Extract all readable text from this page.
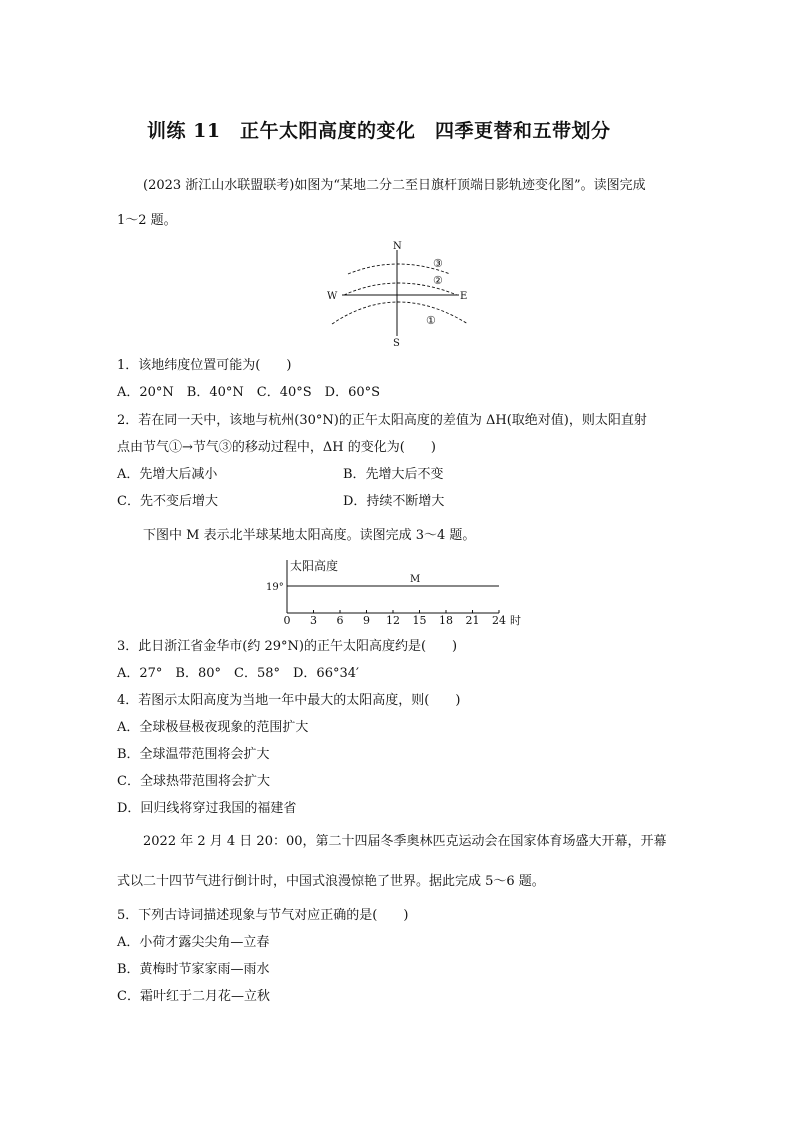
训练 11　正午太阳高度的变化　四季更替和五带划分
(2023 浙江山水联盟联考)如图为“某地二分二至日旗杆顶端日影轨迹变化图”。读图完成
1～2 题。
N
S
W	E
③
②
①
1．该地纬度位置可能为(　　)
A．20°N　B．40°N　C．40°S　D．60°S
2．若在同一天中，该地与杭州(30°N)的正午太阳高度的差值为 ΔH(取绝对值)，则太阳直射
点由节气①→节气③的移动过程中，ΔH 的变化为(　　)
A．先增大后减小	B．先增大后不变
C．先不变后增大	D．持续不断增大
下图中 M 表示北半球某地太阳高度。读图完成 3～4 题。
太阳高度
19°
M
0 3 6 9 12 15 18 21 24 时
3．此日浙江省金华市(约 29°N)的正午太阳高度约是(　　)
A．27°　B．80°　C．58°　D．66°34′
4．若图示太阳高度为当地一年中最大的太阳高度，则(　　)
A．全球极昼极夜现象的范围扩大
B．全球温带范围将会扩大
C．全球热带范围将会扩大
D．回归线将穿过我国的福建省
2022 年 2 月 4 日 20：00，第二十四届冬季奥林匹克运动会在国家体育场盛大开幕，开幕
式以二十四节气进行倒计时，中国式浪漫惊艳了世界。据此完成 5～6 题。
5．下列古诗词描述现象与节气对应正确的是(　　)
A．小荷才露尖尖角—立春
B．黄梅时节家家雨—雨水
C．霜叶红于二月花—立秋
